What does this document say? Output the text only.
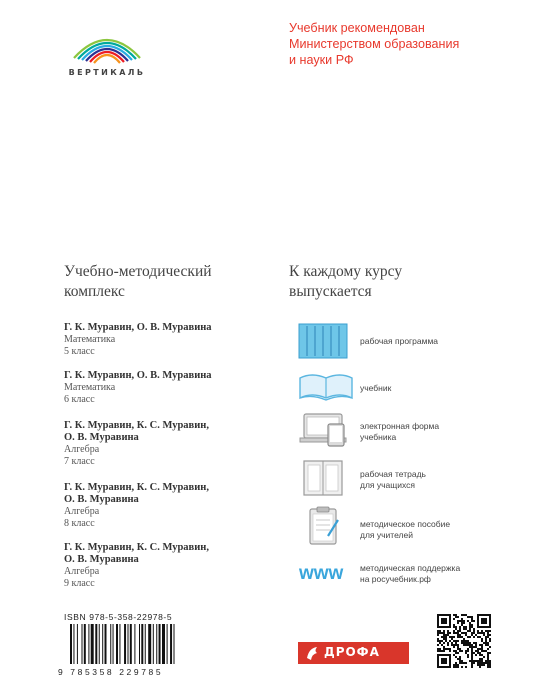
ВЕРТИКАЛЬ
Учебник рекомендован
Министерством образования
и науки РФ
Учебно-методический
комплекс
К каждому курсу
выпускается
Г. К. Муравин, О. В. Муравина
Математика
5 класс
Г. К. Муравин, О. В. Муравина
Математика
6 класс
Г. К. Муравин, К. С. Муравин,
О. В. Муравина
Алгебра
7 класс
Г. К. Муравин, К. С. Муравин,
О. В. Муравина
Алгебра
8 класс
Г. К. Муравин, К. С. Муравин,
О. В. Муравина
Алгебра
9 класс
рабочая программа
учебник
электронная форма
учебника
рабочая тетрадь
для учащихся
методическое пособие
для учителей
www методическая поддержка
на росучебник.рф
ISBN 978-5-358-22978-5
9 785358 229785
ДРОФА
